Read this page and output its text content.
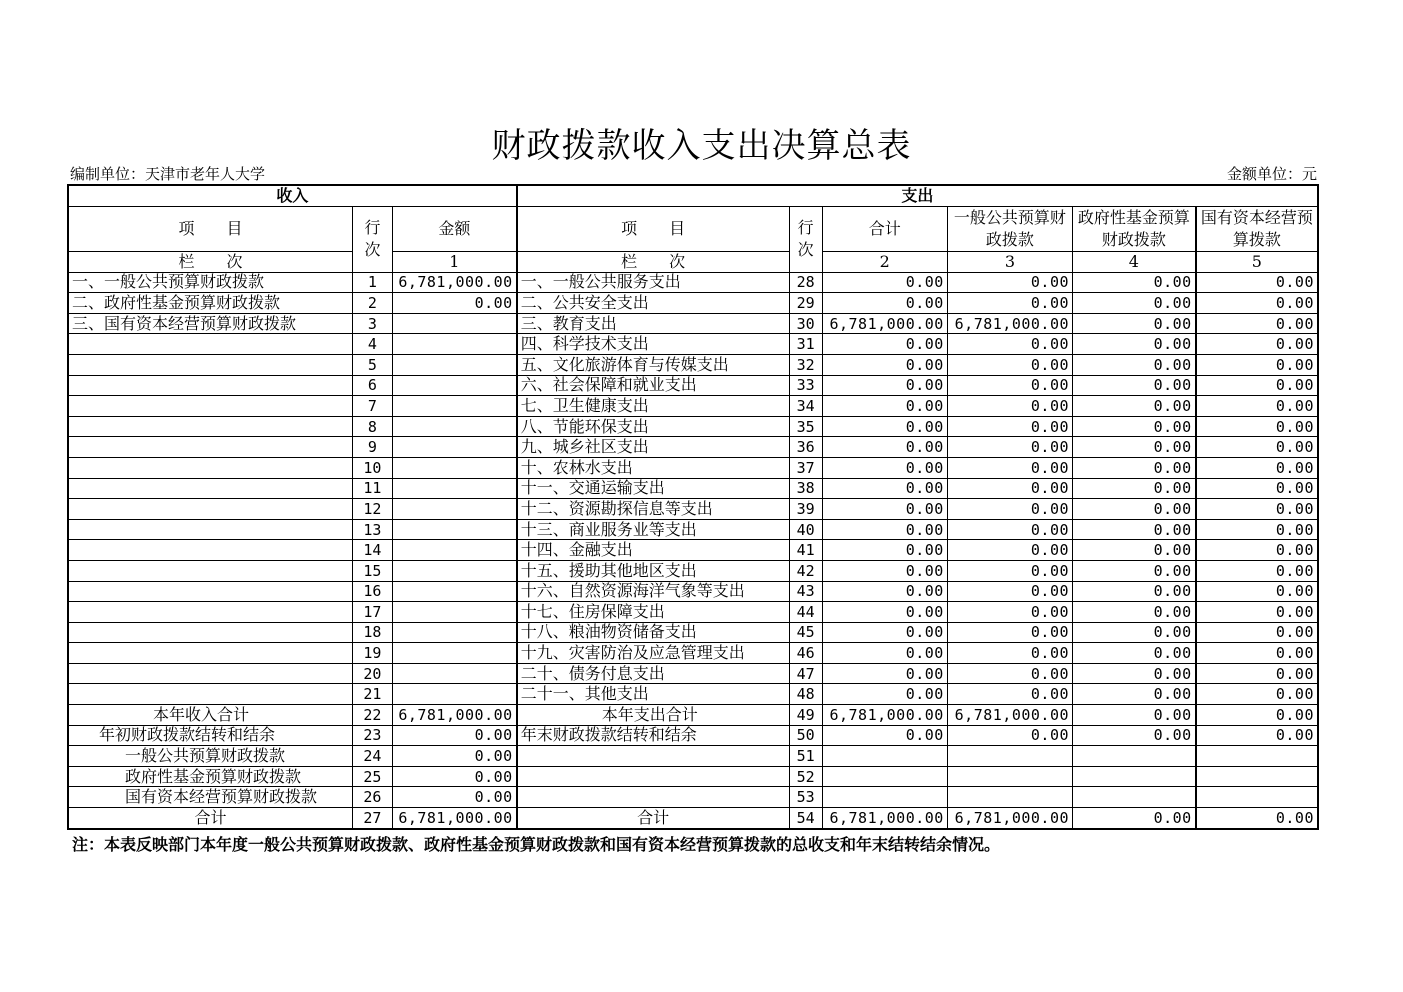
财政拨款收入支出决算总表
编制单位：天津市老年人大学	金额单位：元
收入			支出					
项　　目	行次	金额	项　　目	行次	合计	一般公共预算财政拨款	政府性基金预算财政拨款	国有资本经营预算拨款
栏　　次		1	栏　　次		2	3	4	5
一、一般公共预算财政拨款	1	6,781,000.00	一、一般公共服务支出	28	0.00	0.00	0.00	0.00
二、政府性基金预算财政拨款	2	0.00	二、公共安全支出	29	0.00	0.00	0.00	0.00
三、国有资本经营预算财政拨款	3		三、教育支出	30	6,781,000.00	6,781,000.00	0.00	0.00
	4		四、科学技术支出	31	0.00	0.00	0.00	0.00
	5		五、文化旅游体育与传媒支出	32	0.00	0.00	0.00	0.00
	6		六、社会保障和就业支出	33	0.00	0.00	0.00	0.00
	7		七、卫生健康支出	34	0.00	0.00	0.00	0.00
	8		八、节能环保支出	35	0.00	0.00	0.00	0.00
	9		九、城乡社区支出	36	0.00	0.00	0.00	0.00
	10		十、农林水支出	37	0.00	0.00	0.00	0.00
	11		十一、交通运输支出	38	0.00	0.00	0.00	0.00
	12		十二、资源勘探信息等支出	39	0.00	0.00	0.00	0.00
	13		十三、商业服务业等支出	40	0.00	0.00	0.00	0.00
	14		十四、金融支出	41	0.00	0.00	0.00	0.00
	15		十五、援助其他地区支出	42	0.00	0.00	0.00	0.00
	16		十六、自然资源海洋气象等支出	43	0.00	0.00	0.00	0.00
	17		十七、住房保障支出	44	0.00	0.00	0.00	0.00
	18		十八、粮油物资储备支出	45	0.00	0.00	0.00	0.00
	19		十九、灾害防治及应急管理支出	46	0.00	0.00	0.00	0.00
	20		二十、债务付息支出	47	0.00	0.00	0.00	0.00
	21		二十一、其他支出	48	0.00	0.00	0.00	0.00
本年收入合计	22	6,781,000.00	本年支出合计	49	6,781,000.00	6,781,000.00	0.00	0.00
年初财政拨款结转和结余	23	0.00	年末财政拨款结转和结余	50	0.00	0.00	0.00	0.00
一般公共预算财政拨款	24	0.00		51				
政府性基金预算财政拨款	25	0.00		52				
国有资本经营预算财政拨款	26	0.00		53				
合计	27	6,781,000.00	合计	54	6,781,000.00	6,781,000.00	0.00	0.00
注：本表反映部门本年度一般公共预算财政拨款、政府性基金预算财政拨款和国有资本经营预算拨款的总收支和年末结转结余情况。
